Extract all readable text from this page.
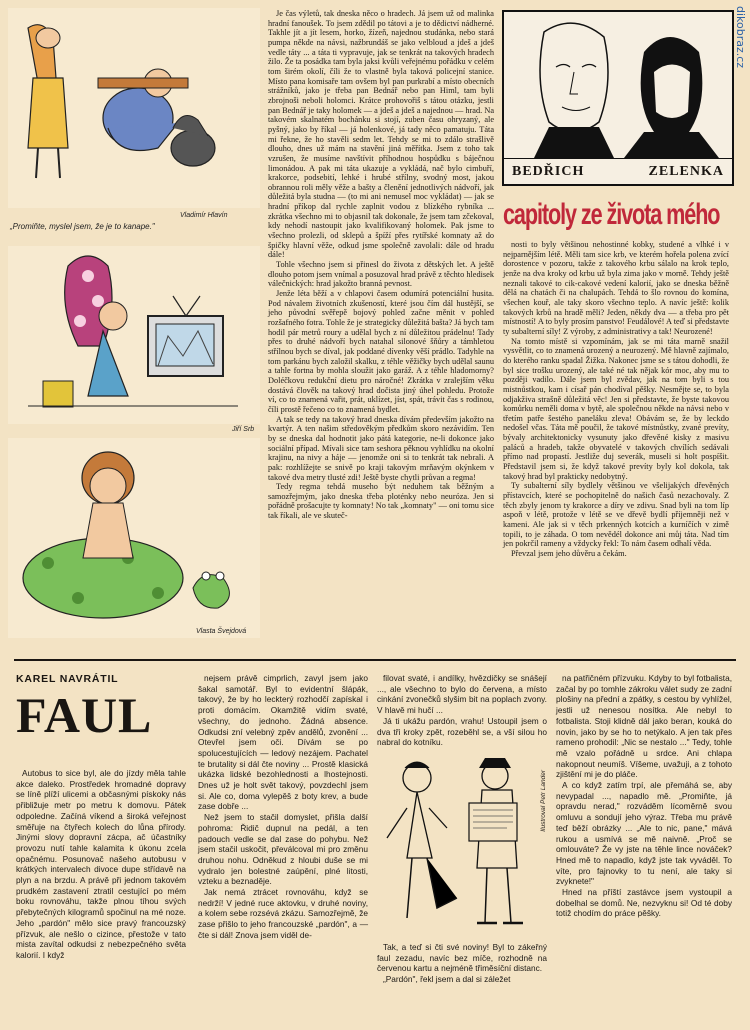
dikobraz.cz
Vladimír Hlavín
„Promiňte, myslel jsem, že je to kanape."
Jiří Srb
Vlasta Švejdová

Je čas výletů, tak dneska něco o hradech. Já jsem už od malinka hradní fanoušek. To jsem zdědil po tátovi a je to dědictví nádherné. Takhle jít a jít lesem, horko, žízeň, najednou studánka, nebo stará pumpa někde na návsi, nažbrundáš se jako velbloud a jdeš a jdeš vedle táty ... a táta ti vypravuje, jak se tenkrát na takových hradech žilo. Že ta posádka tam byla jaksi kvůli veřejnému pořádku v celém tom širém okolí, číli že to vlastně byla taková policejní stanice. Místo pana komisaře tam ovšem byl pan purkrabí a místo obecních strážníků, jako je třeba pan Bednář nebo pan Himl, tam byli zbrojnoši neboli holomci. Krátce prohovořiš s tátou otázku, jestli pan Bednář je taky holomek — a jdeš a jdeš a najednou — hrad. Na takovém skalnatém bochánku si stojí, zuben času ohryzaný, ale pyšný, jako by říkal — já holenkové, já tady něco pamatuju. Táta mi řekne, že ho stavěli sedm let. Tehdy se mi to zdálo strašlivě dlouho, dnes už mám na stavění jiná měřítka. Jsem z toho tak vzrušen, že musíme navštívit příhodnou hospůdku s báječnou limonádou. A pak mi táta ukazuje a vykládá, nač bylo cimbuří, krakorce, podsebití, lehké i hrubé střílny, svodný most, jakou obrannou roli měly věže a bašty a členění jednotlivých nádvoří, jak důležitá byla studna — (to mi ani nemusel moc vykládat) — jak se hradní příkop dal rychle zaplnit vodou z blízkého rybníka ... zkrátka všechno mi to objasnil tak dokonale, že jsem tam zčekoval, kdy nehodí nastoupit jako kvalifikovaný holomek. Pak jsme to všechno prolezli, od sklepů a špíží přes rytířské komnaty až do špičky hlavní věže, odkud jsme společně zavolali: dále od hradu dále!

Tohle všechno jsem si přinesl do života z dětských let. A ještě dlouho potom jsem vnímal a posuzoval hrad právě z těchto hledisek válečnických: hrad jakožto branná pevnost.

Jenže léta běží a v chlapovi časem odumírá potenciální husita. Pod návalem životních zkušeností, které jsou čím dál hustější, se jeho původní svěřepě bojový pohled začne měnit v pohled rozšafného fotra. Tohle že je strategicky důležitá bašta? Já bych tam hodil pár metrů roury a udělal bych z ní důležitou prádelnu! Tady přes to druhé nádvoří bych natahal silonové šňůry a támhletou střílnou bych se díval, jak poddané dívenky věší prádlo. Tadyhle na tom parkánu bych založil skalku, z téhle věžičky bych udělal saunu a tahle fortna by mohla sloužit jako garáž. A z téhle hladomorny? Doléčkovu redukční dietu pro náročné! Zkrátka v zralejším věku dostává člověk na takový hrad dočista jiný úhel pohledu. Protože ví, co to znamená vařit, prát, uklízet, jíst, spát, trávit čas s rodinou, číli prostě řečeno co to znamená bydlet.

A tak se tedy na takový hrad dneska dívám především jakožto na kvartýr. A ten našim středověkým předkům skoro nezávidím. Ten by se dneska dal hodnotit jako pátá kategorie, ne-li dokonce jako sociální případ. Mívali sice tam seshora pěknou vyhlídku na okolní krajinu, na nivy a háje — jenomže oni si to tenkrát tak nebrali. A pak: rozhlížejte se snivě po kraji takovým mrňavým okýnkem v takové dva metry tlusté zdi! Ještě byste chytli průvan a regma!

Tedy regma tehdá museho být neduhem tak běžným a samozřejmým, jako dneska třeba ploténky nebo neuróza. Jen si pořádně prošacujte ty komnaty! No tak „komnaty" — oni tomu sice tak říkali, ale ve skuteč-

BEDŘICH	ZELENKA
capitoly ze života mého

nosti to byly většinou nehostinné kobky, studené a vlhké i v nejparnějším létě. Měli tam sice krb, ve kterém hořela polena zvící dorostence v pozoru, takže z takového krbu sálalo na krok teplo, jenže na dva kroky od krbu už byla zima jako v morně. Tehdy ještě neznali takové to cik-cakové vedení kalorií, jako se dneska běžně dělá na chatách či na chalupách. Tehdá to šlo rovnou do komína, všechen kouř, ale taky skoro všechno teplo. A navíc ještě: kolik takových krbů na hradě měli? Jeden, někdy dva — a třeba pro pět místností! A to byly prosím panstvo! Feudálové! A teď si představte ty subalterní síly! Z výroby, z administrativy a tak! Neurozené!

Na tomto místě si vzpomínám, jak se mi táta marně snažil vysvětlit, co to znamená urozený a neurozený. Mě hlavně zajímalo, do kterého ranku spadal Žižka. Nakonec jsme se s tátou dohodli, že byl sice trošku urozený, ale také né tak nějak kór moc, aby mu to později vadilo. Dále jsem byl zvědav, jak na tom byli s tou mistnůstkou, kam i císař pán chodíval pěšky. Nesmějte se, to byla odjakživa strašně důležitá věc! Jen si představte, že byste takovou komůrku neměli doma v bytě, ale společnou někde na návsi nebo v třetím patře šestého paneláku zleva! Obávám se, že by leckdo nedošel včas. Táta mě poučil, že takové místnůstky, zvané prevíty, bývaly architektonicky vysunuty jako dřevěné kisky z masivu paláců a hradeb, takže obyvatelé v takových chvílích sedávali přímo nad propastí. Jestliže duj severák, museli si holt pospíšit. Představil jsem si, že když takové prevíty byly kol dokola, tak takový hrad byl prakticky nedobytný.

Ty subalterní síly bydlely většinou ve všelijakých dřevěných přístavcích, které se pochopitelně do našich časů nezachovaly. Z těch zbyly jenom ty krakorce a díry ve zdivu. Snad byli na tom líp aspoň v létě, protože v létě se ve dřevě bydlí příjemněji než v kameni. Ale jak si v těch prkenných kotcích a kurníčích v zimě topili, to je záhada. O tom nevědél dokonce ani můj táta. Nad tím jen pokrčil rameny a vždycky řekl: To nám časem odhalí věda.

Převzal jsem jeho důvěru a čekám.

KAREL NAVRÁTIL
FAUL

Autobus to sice byl, ale do jízdy měla tahle akce daleko. Prostředek hromadné dopravy se líně plíží ulicemi a občasnými pískoky nás přibližuje metr po metru k domovu. Pátek odpoledne. Začíná víkend a široká veřejnost směřuje na čtyřech kolech do lůna přírody. Jinými slovy dopravní zácpa, ač účastníky provozu nutí tahle kalamita k úkonu zcela opačnému. Posunovač našeho autobusu v krátkých intervalech divoce dupe střídavě na plyn a na brzdu. A právě při jednom takovém prudkém zastavení ztratil cestující po mém boku rovnováhu, takže plnou tíhou svých přebytečných kilogramů spočinul na mé noze. Jeho „pardón" mělo sice pravý francouzský přízvuk, ale nešlo o cizince, přestože v tato mista zavítal odkudsi z nebezpečného světa kalorií. I když

nejsem právě cimprlich, zavyl jsem jako šakal samotář. Byl to evidentní šlápák, takový, že by ho leckterý rozhodčí zapískal i proti domácím. Okamžitě vidím svaté, všechny, do jednoho. Žádná absence. Odkudsi zní velebný zpěv andělů, zvonění ... Otevřel jsem oči. Dívám se po spolucestujících — ledový nezájem. Pachatel te brutality si dál čte noviny ... Prostě klasická ukázka lidské bezohlednosti a lhostejnosti. Dnes už je holt svět takový, povzdechl jsem si. Ale co, doma vylepěš z boty krev, a bude zase dobře ...

Než jsem to stačil domyslet, přišla další pohroma: Řidič dupnul na pedál, a ten padouch vedle se dal zase do pohybu. Než jsem stačil uskočit, převálcoval mi pro změnu druhou nohu. Odněkud z hloubi duše se mi vydralo jen bolestné zaúpění, plné litosti, vzteku a beznaděje.

Jak nemá ztrácet rovnováhu, když se nedrží! V jedné ruce aktovku, v druhé noviny, a kolem sebe rozsévá zkázu. Samozřejmě, že zase přišlo to jeho francouzské „pardón", a — čte si dál! Znova jsem viděl de-

filovat svaté, i andílky, hvězdičky se snášejí ..., ale všechno to bylo do červena, a místo cinkání zvonečků slyšim bit na poplach zvony. V hlavě mi hučí ...

Já ti ukážu pardón, vrahu! Ustoupil jsem o dva tři kroky zpět, rozeběhl se, a vší silou ho nabral do kotníku.

Ilustroval Petr Lander

Tak, a teď si čti své noviny! Byl to zákeřný faul zezadu, navíc bez míče, rozhodně na červenou kartu a nejméně třiměsíční distanc.

„Pardón", řekl jsem a dal si záležet

na patřičném přízvuku. Kdyby to byl fotbalista, začal by po tomhle zákroku válet sudy ze zadní plošiny na přední a zpátky, s cestou by vyhlížel, jestli už nenesou nosítka. Ale nebyl to fotbalista. Stoji klidně dál jako beran, kouká do novin, jako by se ho to netýkalo. A jen tak přes rameno prohodil: „Nic se nestalo ..." Tedy, tohle mě vzalo pořádně u srdce. Ani chlapa nakopnout neumíš. Víšeme, uvažuji, a z tohoto zjištění mi je do pláče.

A co když zatím trpí, ale přemáhá se, aby nevypadal ..., napadlo mě. „Promiňte, já opravdu nerad," rozváděm lícoměrně svou omluvu a sondují jeho výraz. Třeba mu právě teď běží obrázky ... „Ale to nic, pane," mává rukou a usmívá se mě naivně. „Proč se omlouváte? Že vy jste na těhle lince nováček? Hned mě to napadlo, když jste tak vyváděl. To víte, pro fajnovky to tu není, ale taky si zvyknete!"

Hned na příští zastávce jsem vystoupil a dobelhal se domů. Ne, nezvyknu si! Od té doby totiž chodím do práce pěšky.
